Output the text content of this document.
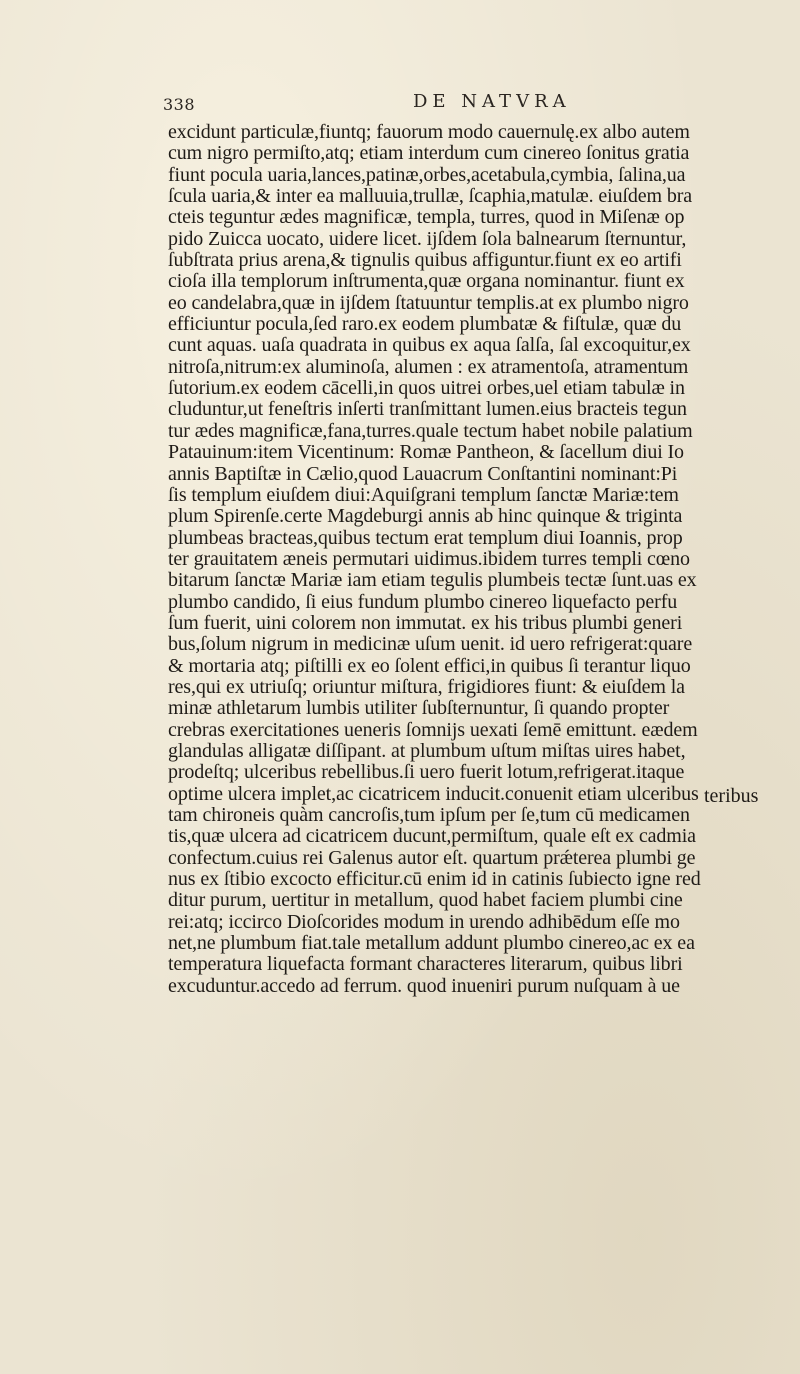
338	DE NATVRA
excidunt particulæ,fiuntq; fauorum modo cauernulę.ex albo autem
cum nigro permiſto,atq; etiam interdum cum cinereo ſonitus gratia
fiunt pocula uaria,lances,patinæ,orbes,acetabula,cymbia, ſalina,ua
ſcula uaria,& inter ea malluuia,trullæ, ſcaphia,matulæ. eiuſdem bra
cteis teguntur ædes magnificæ, templa, turres, quod in Miſenæ op
pido Zuicca uocato, uidere licet. ijſdem ſola balnearum ſternuntur,
ſubſtrata prius arena,& tignulis quibus affiguntur.fiunt ex eo artifi
cioſa illa templorum inſtrumenta,quæ organa nominantur. fiunt ex
eo candelabra,quæ in ijſdem ſtatuuntur templis.at ex plumbo nigro
efficiuntur pocula,ſed raro.ex eodem plumbatæ & fiſtulæ, quæ du
cunt aquas. uaſa quadrata in quibus ex aqua ſalſa, ſal excoquitur,ex
nitroſa,nitrum:ex aluminoſa, alumen : ex atramentoſa, atramentum
ſutorium.ex eodem cācelli,in quos uitrei orbes,uel etiam tabulæ in
cluduntur,ut feneſtris inſerti tranſmittant lumen.eius bracteis tegun
tur ædes magnificæ,fana,turres.quale tectum habet nobile palatium
Patauinum:item Vicentinum: Romæ Pantheon, & ſacellum diui Io
annis Baptiſtæ in Cælio,quod Lauacrum Conſtantini nominant:Pi
ſis templum eiuſdem diui:Aquiſgrani templum ſanctæ Mariæ:tem
plum Spirenſe.certe Magdeburgi annis ab hinc quinque & triginta
plumbeas bracteas,quibus tectum erat templum diui Ioannis, prop
ter grauitatem æneis permutari uidimus.ibidem turres templi cœno
bitarum ſanctæ Mariæ iam etiam tegulis plumbeis tectæ ſunt.uas ex
plumbo candido, ſi eius fundum plumbo cinereo liquefacto perfu
ſum fuerit, uini colorem non immutat. ex his tribus plumbi generi
bus,ſolum nigrum in medicinæ uſum uenit. id uero refrigerat:quare
& mortaria atq; piſtilli ex eo ſolent effici,in quibus ſi terantur liquo
res,qui ex utriuſq; oriuntur miſtura, frigidiores fiunt: & eiuſdem la
minæ athletarum lumbis utiliter ſubſternuntur, ſi quando propter
crebras exercitationes ueneris ſomnijs uexati ſemē emittunt. eædem
glandulas alligatæ diſſipant. at plumbum uſtum miſtas uires habet,
prodeſtq; ulceribus rebellibus.ſi uero fuerit lotum,refrigerat.itaque
optime ulcera implet,ac cicatricem inducit.conuenit etiam ulceribus
tam chironeis quàm cancroſis,tum ipſum per ſe,tum cū medicamen
tis,quæ ulcera ad cicatricem ducunt,permiſtum, quale eſt ex cadmia
confectum.cuius rei Galenus autor eſt. quartum prǽterea plumbi ge
nus ex ſtibio excocto efficitur.cū enim id in catinis ſubiecto igne red
ditur purum, uertitur in metallum, quod habet faciem plumbi cine
rei:atq; iccirco Dioſcorides modum in urendo adhibēdum eſſe mo
net,ne plumbum fiat.tale metallum addunt plumbo cinereo,ac ex ea
temperatura liquefacta formant characteres literarum, quibus libri
excuduntur.accedo ad ferrum. quod inueniri purum nuſquam à ue
teribus
